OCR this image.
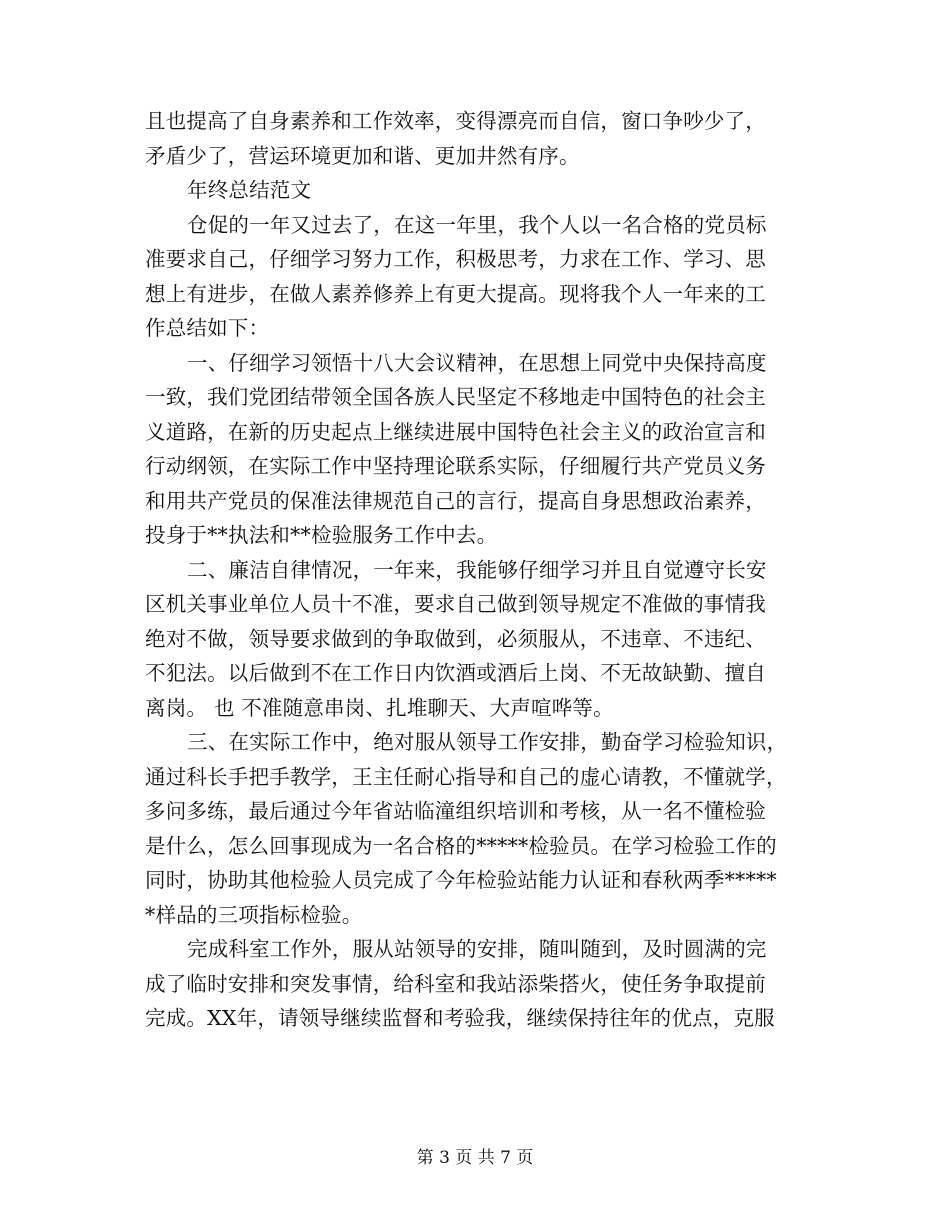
且也提高了自身素养和工作效率，变得漂亮而自信，窗口争吵少了，
矛盾少了，营运环境更加和谐、更加井然有序。
年终总结范文
仓促的一年又过去了，在这一年里，我个人以一名合格的党员标
准要求自己，仔细学习努力工作，积极思考，力求在工作、学习、思
想上有进步，在做人素养修养上有更大提高。现将我个人一年来的工
作总结如下：
一、仔细学习领悟十八大会议精神，在思想上同党中央保持高度
一致，我们党团结带领全国各族人民坚定不移地走中国特色的社会主
义道路，在新的历史起点上继续进展中国特色社会主义的政治宣言和
行动纲领，在实际工作中坚持理论联系实际，仔细履行共产党员义务
和用共产党员的保准法律规范自己的言行，提高自身思想政治素养，
投身于**执法和**检验服务工作中去。
二、廉洁自律情况，一年来，我能够仔细学习并且自觉遵守长安
区机关事业单位人员十不准，要求自己做到领导规定不准做的事情我
绝对不做，领导要求做到的争取做到，必须服从，不违章、不违纪、
不犯法。以后做到不在工作日内饮酒或酒后上岗、不无故缺勤、擅自
离岗。 也 不准随意串岗、扎堆聊天、大声喧哗等。
三、在实际工作中，绝对服从领导工作安排，勤奋学习检验知识，
通过科长手把手教学，王主任耐心指导和自己的虚心请教，不懂就学，
多问多练，最后通过今年省站临潼组织培训和考核，从一名不懂检验
是什么，怎么回事现成为一名合格的*****检验员。在学习检验工作的
同时，协助其他检验人员完成了今年检验站能力认证和春秋两季*****
*样品的三项指标检验。
完成科室工作外，服从站领导的安排，随叫随到，及时圆满的完
成了临时安排和突发事情，给科室和我站添柴搭火，使任务争取提前
完成。XX年，请领导继续监督和考验我，继续保持往年的优点，克服
第 3 页 共 7 页
